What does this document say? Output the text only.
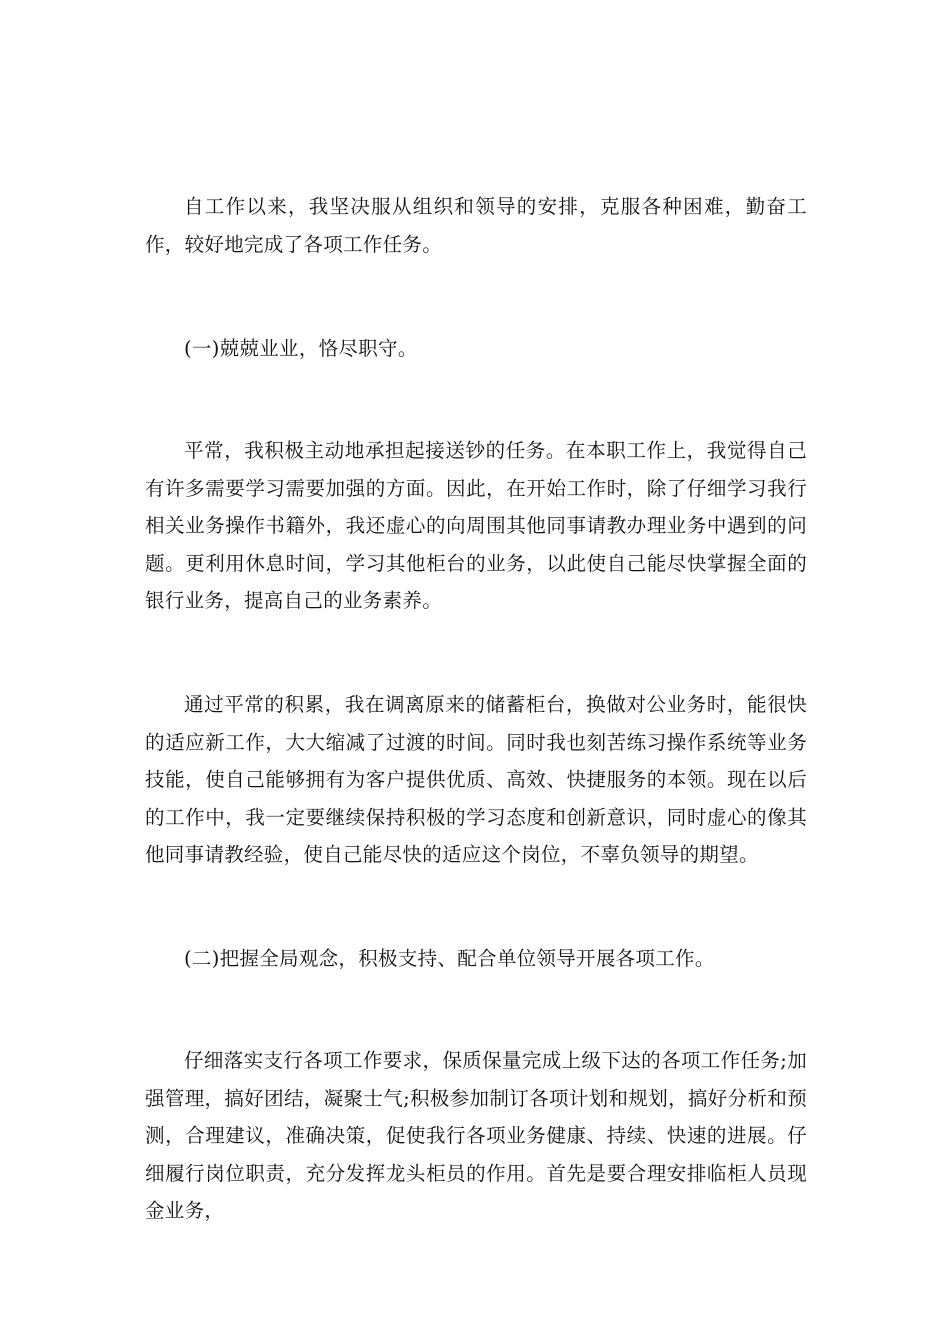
自工作以来，我坚决服从组织和领导的安排，克服各种困难，勤奋工作，较好地完成了各项工作任务。

(一)兢兢业业，恪尽职守。

平常，我积极主动地承担起接送钞的任务。在本职工作上，我觉得自己有许多需要学习需要加强的方面。因此，在开始工作时，除了仔细学习我行相关业务操作书籍外，我还虚心的向周围其他同事请教办理业务中遇到的问题。更利用休息时间，学习其他柜台的业务，以此使自己能尽快掌握全面的银行业务，提高自己的业务素养。

通过平常的积累，我在调离原来的储蓄柜台，换做对公业务时，能很快的适应新工作，大大缩减了过渡的时间。同时我也刻苦练习操作系统等业务技能，使自己能够拥有为客户提供优质、高效、快捷服务的本领。现在以后的工作中，我一定要继续保持积极的学习态度和创新意识，同时虚心的像其他同事请教经验，使自己能尽快的适应这个岗位，不辜负领导的期望。

(二)把握全局观念，积极支持、配合单位领导开展各项工作。

仔细落实支行各项工作要求，保质保量完成上级下达的各项工作任务;加强管理，搞好团结，凝聚士气;积极参加制订各项计划和规划，搞好分析和预测，合理建议，准确决策，促使我行各项业务健康、持续、快速的进展。仔细履行岗位职责，充分发挥龙头柜员的作用。首先是要合理安排临柜人员现金业务，
